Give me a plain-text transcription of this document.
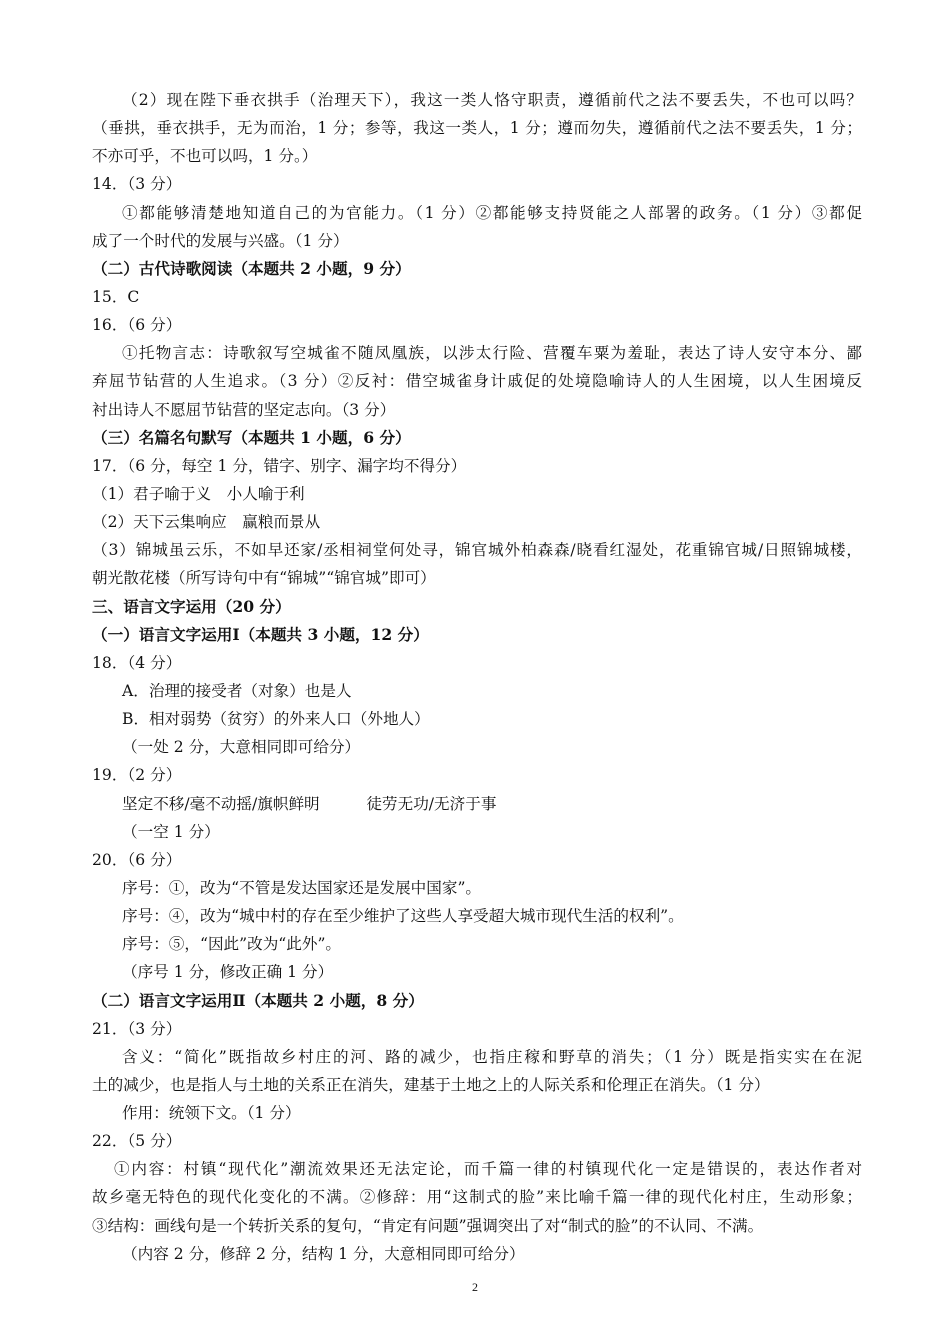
（2）现在陛下垂衣拱手（治理天下），我这一类人恪守职责，遵循前代之法不要丢失，不也可以吗？
（垂拱，垂衣拱手，无为而治，1 分；参等，我这一类人，1 分；遵而勿失，遵循前代之法不要丢失，1 分；
不亦可乎，不也可以吗，1 分。）
14．（3 分）
①都能够清楚地知道自己的为官能力。（1 分）②都能够支持贤能之人部署的政务。（1 分）③都促
成了一个时代的发展与兴盛。（1 分）
（二）古代诗歌阅读（本题共 2 小题，9 分）
15．C
16．（6 分）
①托物言志：诗歌叙写空城雀不随凤凰族，以涉太行险、营覆车粟为羞耻，表达了诗人安守本分、鄙
弃屈节钻营的人生追求。（3 分）②反衬：借空城雀身计戚促的处境隐喻诗人的人生困境，以人生困境反
衬出诗人不愿屈节钻营的坚定志向。（3 分）
（三）名篇名句默写（本题共 1 小题，6 分）
17．（6 分，每空 1 分，错字、别字、漏字均不得分）
（1）君子喻于义　小人喻于利
（2）天下云集响应　赢粮而景从
（3）锦城虽云乐，不如早还家/丞相祠堂何处寻，锦官城外柏森森/晓看红湿处，花重锦官城/日照锦城楼，
朝光散花楼（所写诗句中有“锦城”“锦官城”即可）
三、语言文字运用（20 分）
（一）语言文字运用Ⅰ（本题共 3 小题，12 分）
18．（4 分）
A．治理的接受者（对象）也是人
B．相对弱势（贫穷）的外来人口（外地人）
（一处 2 分，大意相同即可给分）
19．（2 分）
坚定不移/毫不动摇/旗帜鲜明　　　徒劳无功/无济于事
（一空 1 分）
20．（6 分）
序号：①，改为“不管是发达国家还是发展中国家”。
序号：④，改为“城中村的存在至少维护了这些人享受超大城市现代生活的权利”。
序号：⑤，“因此”改为“此外”。
（序号 1 分，修改正确 1 分）
（二）语言文字运用Ⅱ（本题共 2 小题，8 分）
21．（3 分）
含义：“简化”既指故乡村庄的河、路的减少，也指庄稼和野草的消失；（1 分）既是指实实在在泥
土的减少，也是指人与土地的关系正在消失，建基于土地之上的人际关系和伦理正在消失。（1 分）
作用：统领下文。（1 分）
22．（5 分）
①内容：村镇“现代化”潮流效果还无法定论，而千篇一律的村镇现代化一定是错误的，表达作者对
故乡毫无特色的现代化变化的不满。②修辞：用“这制式的脸”来比喻千篇一律的现代化村庄，生动形象；
③结构：画线句是一个转折关系的复句，“肯定有问题”强调突出了对“制式的脸”的不认同、不满。
（内容 2 分，修辞 2 分，结构 1 分，大意相同即可给分）
2
